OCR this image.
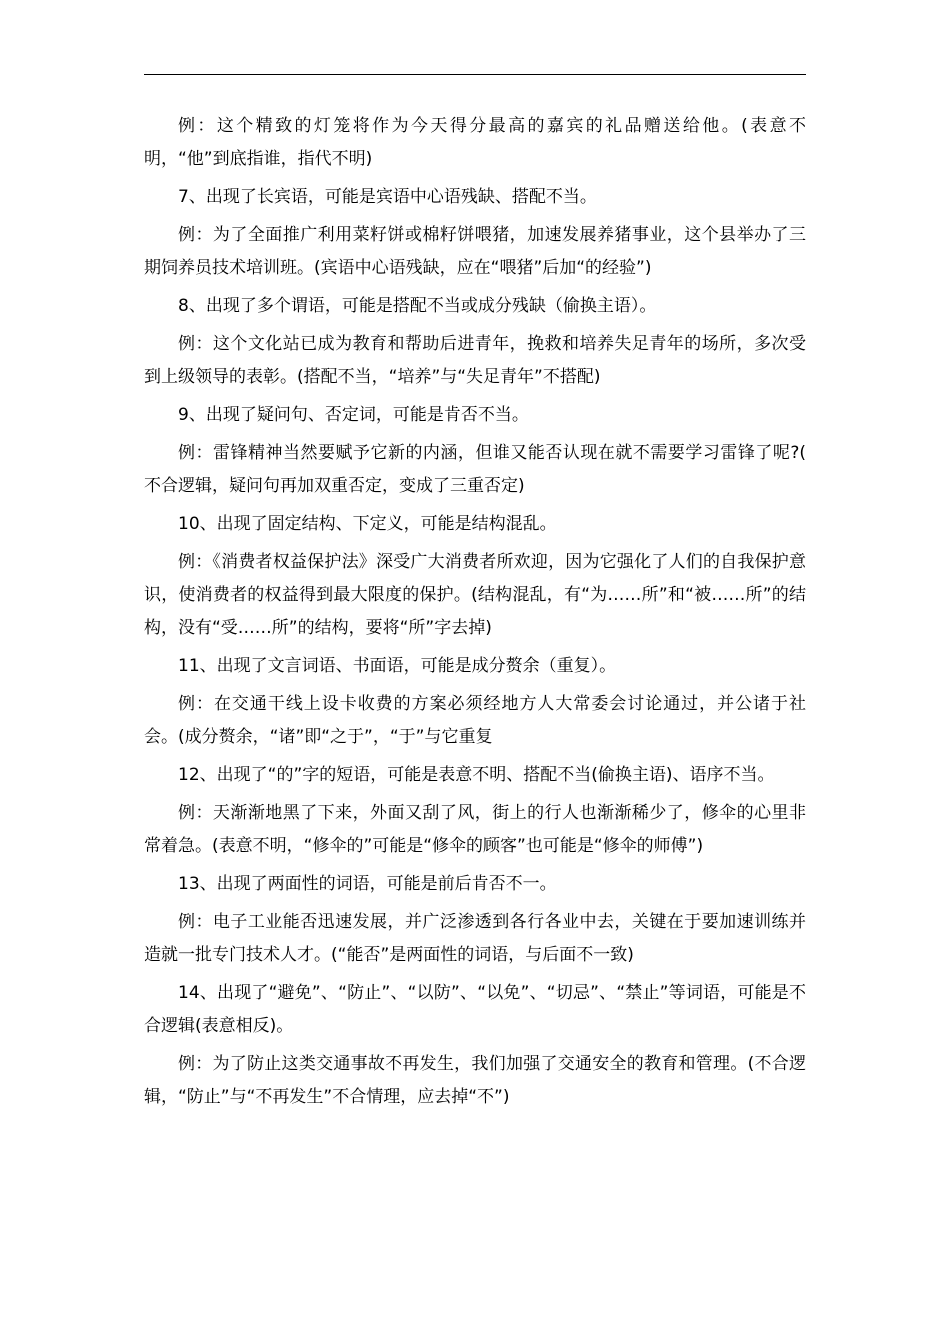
例：这个精致的灯笼将作为今天得分最高的嘉宾的礼品赠送给他。(表意不明，“他”到底指谁，指代不明)

7、出现了长宾语，可能是宾语中心语残缺、搭配不当。

例：为了全面推广利用菜籽饼或棉籽饼喂猪，加速发展养猪事业，这个县举办了三期饲养员技术培训班。(宾语中心语残缺，应在“喂猪”后加“的经验”)

8、出现了多个谓语，可能是搭配不当或成分残缺（偷换主语）。

例：这个文化站已成为教育和帮助后进青年，挽救和培养失足青年的场所，多次受到上级领导的表彰。(搭配不当，“培养”与“失足青年”不搭配)

9、出现了疑问句、否定词，可能是肯否不当。

例：雷锋精神当然要赋予它新的内涵，但谁又能否认现在就不需要学习雷锋了呢?( 不合逻辑，疑问句再加双重否定，变成了三重否定)

10、出现了固定结构、下定义，可能是结构混乱。

例：《消费者权益保护法》深受广大消费者所欢迎，因为它强化了人们的自我保护意识，使消费者的权益得到最大限度的保护。(结构混乱，有“为……所”和“被……所”的结构，没有“受……所”的结构，要将“所”字去掉)

11、出现了文言词语、书面语，可能是成分赘余（重复）。

例：在交通干线上设卡收费的方案必须经地方人大常委会讨论通过，并公诸于社会。(成分赘余，“诸”即“之于”，“于”与它重复

12、出现了“的”字的短语，可能是表意不明、搭配不当(偷换主语)、语序不当。

例：天渐渐地黑了下来，外面又刮了风，街上的行人也渐渐稀少了，修伞的心里非常着急。(表意不明，“修伞的”可能是“修伞的顾客”也可能是“修伞的师傅”)

13、出现了两面性的词语，可能是前后肯否不一。

例：电子工业能否迅速发展，并广泛渗透到各行各业中去，关键在于要加速训练并造就一批专门技术人才。(“能否”是两面性的词语，与后面不一致)

14、出现了“避免”、“防止”、“以防”、“以免”、“切忌”、“禁止”等词语，可能是不合逻辑(表意相反)。

例：为了防止这类交通事故不再发生，我们加强了交通安全的教育和管理。(不合逻辑，“防止”与“不再发生”不合情理，应去掉“不”)
